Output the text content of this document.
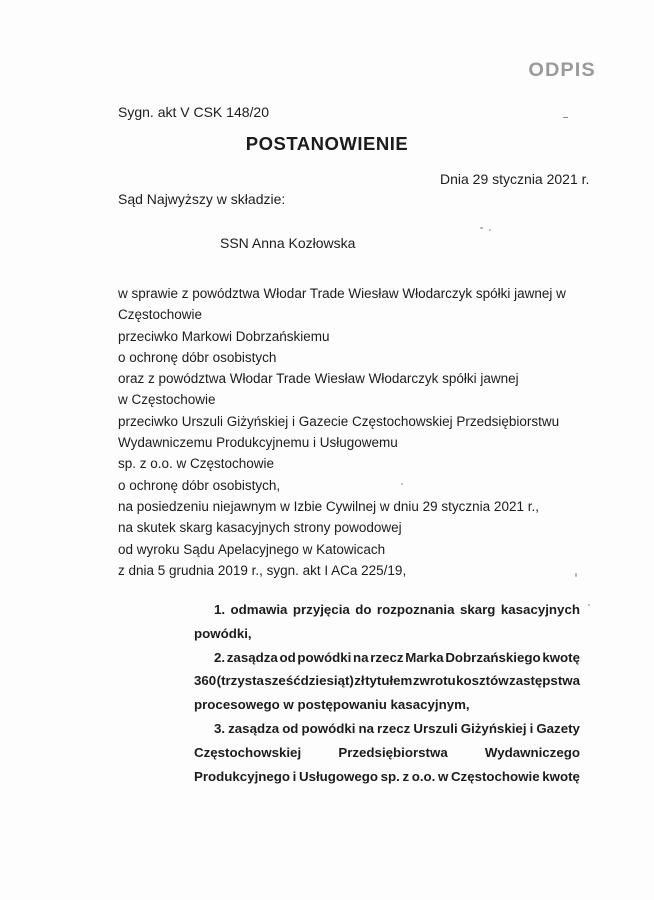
ODPIS
Sygn. akt V CSK 148/20
POSTANOWIENIE
Dnia 29 stycznia 2021 r.
Sąd Najwyższy w składzie:
SSN Anna Kozłowska
w sprawie z powództwa Włodar Trade Wiesław Włodarczyk spółki jawnej w
Częstochowie
przeciwko Markowi Dobrzańskiemu
o ochronę dóbr osobistych
oraz z powództwa Włodar Trade Wiesław Włodarczyk spółki jawnej
w Częstochowie
przeciwko Urszuli Giżyńskiej i Gazecie Częstochowskiej Przedsiębiorstwu
Wydawniczemu Produkcyjnemu i Usługowemu
sp. z o.o. w Częstochowie
o ochronę dóbr osobistych,
na posiedzeniu niejawnym w Izbie Cywilnej w dniu 29 stycznia 2021 r.,
na skutek skarg kasacyjnych strony powodowej
od wyroku Sądu Apelacyjnego w Katowicach
z dnia 5 grudnia 2019 r., sygn. akt I ACa 225/19,
1. odmawia przyjęcia do rozpoznania skarg kasacyjnych
powódki,
2. zasądza od powódki na rzecz Marka Dobrzańskiego kwotę
360 (trzysta sześćdziesiąt) zł tytułem zwrotu kosztów zastępstwa
procesowego w postępowaniu kasacyjnym,
3. zasądza od powódki na rzecz Urszuli Giżyńskiej i Gazety
Częstochowskiej	Przedsiębiorstwa	Wydawniczego
Produkcyjnego i Usługowego sp. z o.o. w Częstochowie kwotę
